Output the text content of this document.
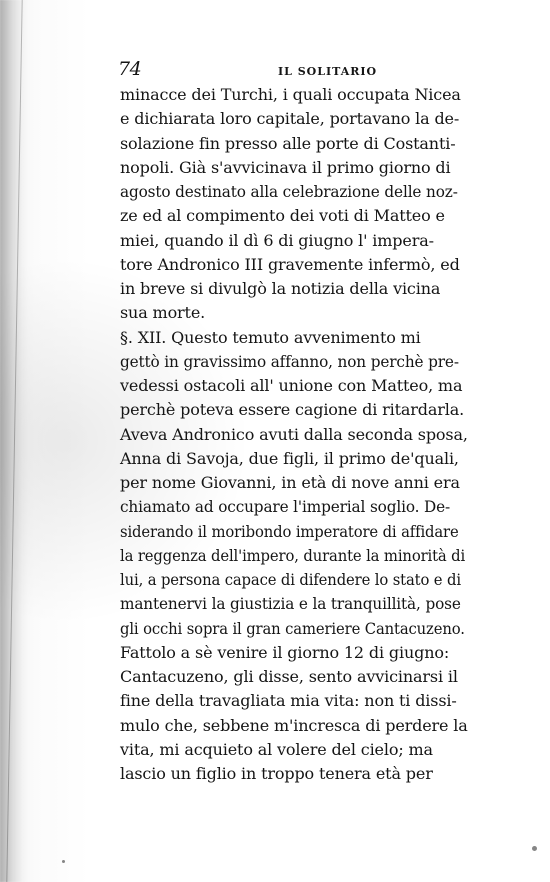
74	IL SOLITARIO
minacce dei Turchi, i quali occupata Nicea
e dichiarata loro capitale, portavano la de-
solazione fin presso alle porte di Costanti-
nopoli. Già s'avvicinava il primo giorno di
agosto destinato alla celebrazione delle noz-
ze ed al compimento dei voti di Matteo e
miei, quando il dì 6 di giugno l' impera-
tore Andronico III gravemente infermò, ed
in breve si divulgò la notizia della vicina
sua morte.
§. XII. Questo temuto avvenimento mi
gettò in gravissimo affanno, non perchè pre-
vedessi ostacoli all' unione con Matteo, ma
perchè poteva essere cagione di ritardarla.
Aveva Andronico avuti dalla seconda sposa,
Anna di Savoja, due figli, il primo de'quali,
per nome Giovanni, in età di nove anni era
chiamato ad occupare l'imperial soglio. De-
siderando il moribondo imperatore di affidare
la reggenza dell'impero, durante la minorità di
lui, a persona capace di difendere lo stato e di
mantenervi la giustizia e la tranquillità, pose
gli occhi sopra il gran cameriere Cantacuzeno.
Fattolo a sè venire il giorno 12 di giugno:
Cantacuzeno, gli disse, sento avvicinarsi il
fine della travagliata mia vita: non ti dissi-
mulo che, sebbene m'incresca di perdere la
vita, mi acquieto al volere del cielo; ma
lascio un figlio in troppo tenera età per
